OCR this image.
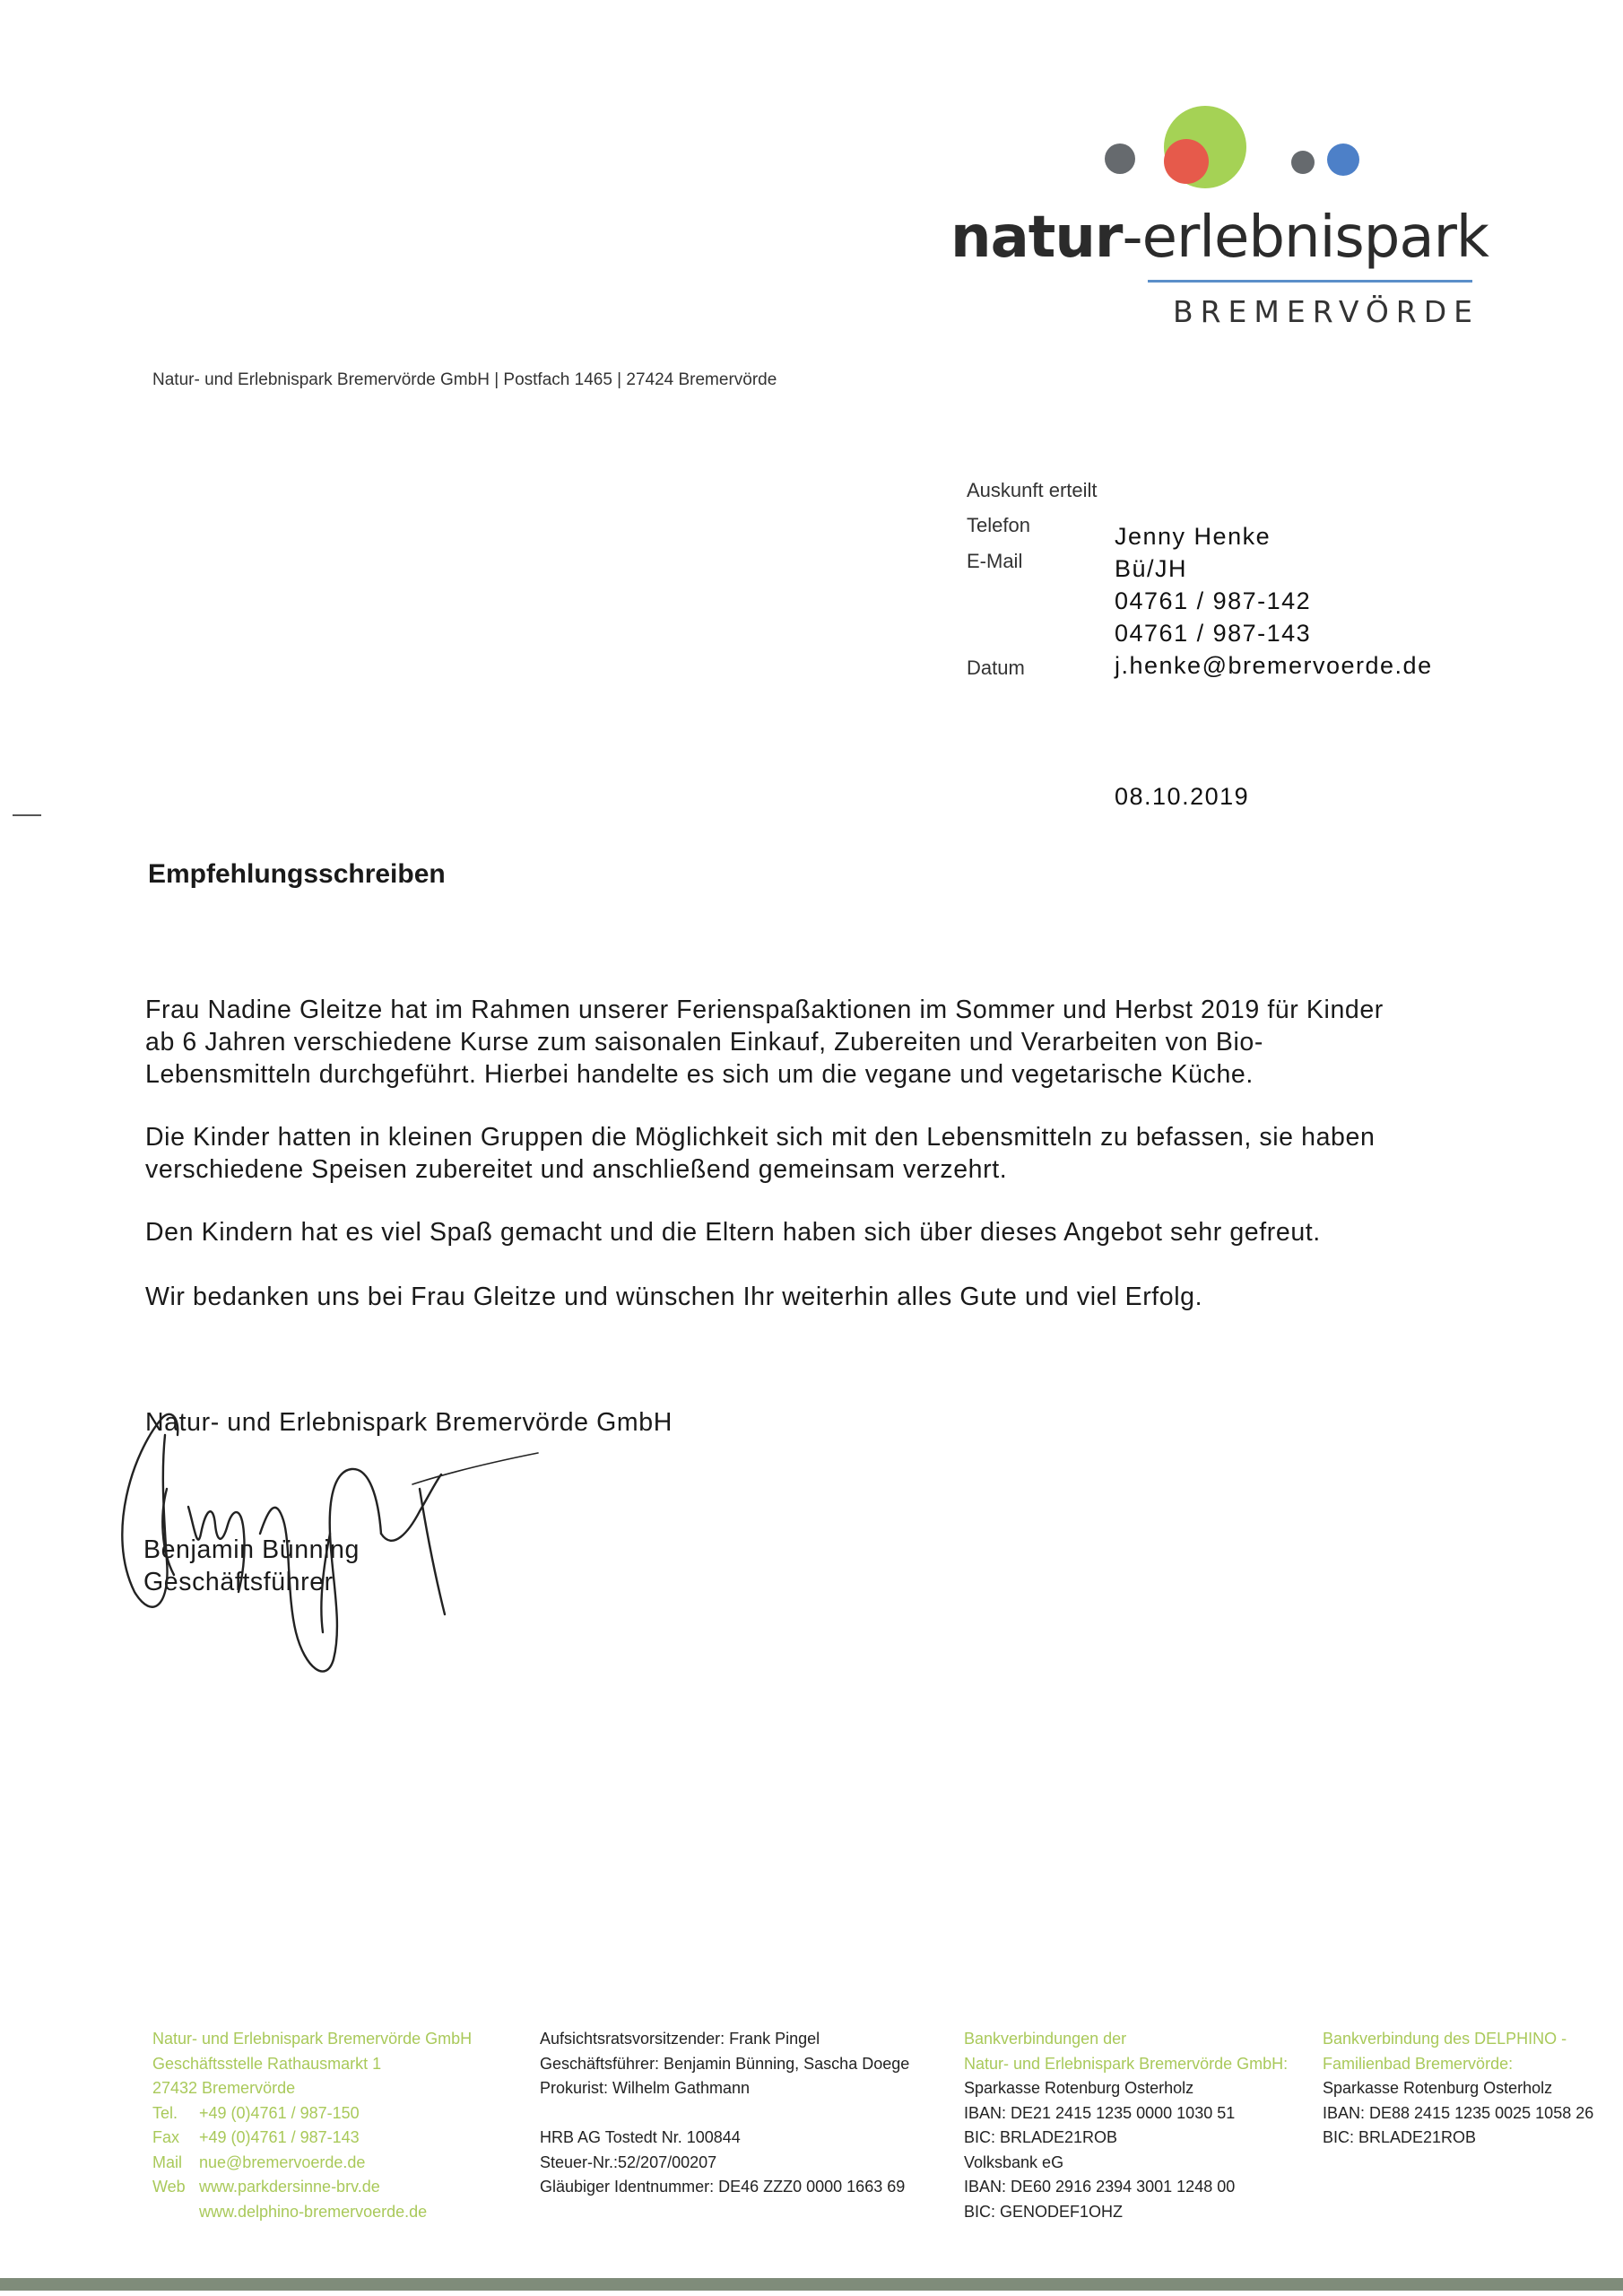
natur-erlebnispark
BREMERVÖRDE
Natur- und Erlebnispark Bremervörde GmbH | Postfach 1465 | 27424 Bremervörde
Auskunft erteilt
Telefon
E-Mail
Datum
Jenny Henke
Bü/JH
04761 / 987-142
04761 / 987-143
j.henke@bremervoerde.de
08.10.2019
Empfehlungsschreiben
Frau Nadine Gleitze hat im Rahmen unserer Ferienspaßaktionen im Sommer und Herbst 2019 für Kinder
ab 6 Jahren verschiedene Kurse zum saisonalen Einkauf, Zubereiten und Verarbeiten von Bio-
Lebensmitteln durchgeführt. Hierbei handelte es sich um die vegane und vegetarische Küche.
Die Kinder hatten in kleinen Gruppen die Möglichkeit sich mit den Lebensmitteln zu befassen, sie haben
verschiedene Speisen zubereitet und anschließend gemeinsam verzehrt.
Den Kindern hat es viel Spaß gemacht und die Eltern haben sich über dieses Angebot sehr gefreut.
Wir bedanken uns bei Frau Gleitze und wünschen Ihr weiterhin alles Gute und viel Erfolg.
Natur- und Erlebnispark Bremervörde GmbH
Benjamin Bünning
Geschäftsführer
Natur- und Erlebnispark Bremervörde GmbH
Geschäftsstelle Rathausmarkt 1
27432 Bremervörde
Tel. +49 (0)4761 / 987-150
Fax +49 (0)4761 / 987-143
Mail nue@bremervoerde.de
Web www.parkdersinne-brv.de
www.delphino-bremervoerde.de
Aufsichtsratsvorsitzender: Frank Pingel
Geschäftsführer: Benjamin Bünning, Sascha Doege
Prokurist: Wilhelm Gathmann
HRB AG Tostedt Nr. 100844
Steuer-Nr.:52/207/00207
Gläubiger Identnummer: DE46 ZZZ0 0000 1663 69
Bankverbindungen der
Natur- und Erlebnispark Bremervörde GmbH:
Sparkasse Rotenburg Osterholz
IBAN: DE21 2415 1235 0000 1030 51
BIC: BRLADE21ROB
Volksbank eG
IBAN: DE60 2916 2394 3001 1248 00
BIC: GENODEF1OHZ
Bankverbindung des DELPHINO -
Familienbad Bremervörde:
Sparkasse Rotenburg Osterholz
IBAN: DE88 2415 1235 0025 1058 26
BIC: BRLADE21ROB
